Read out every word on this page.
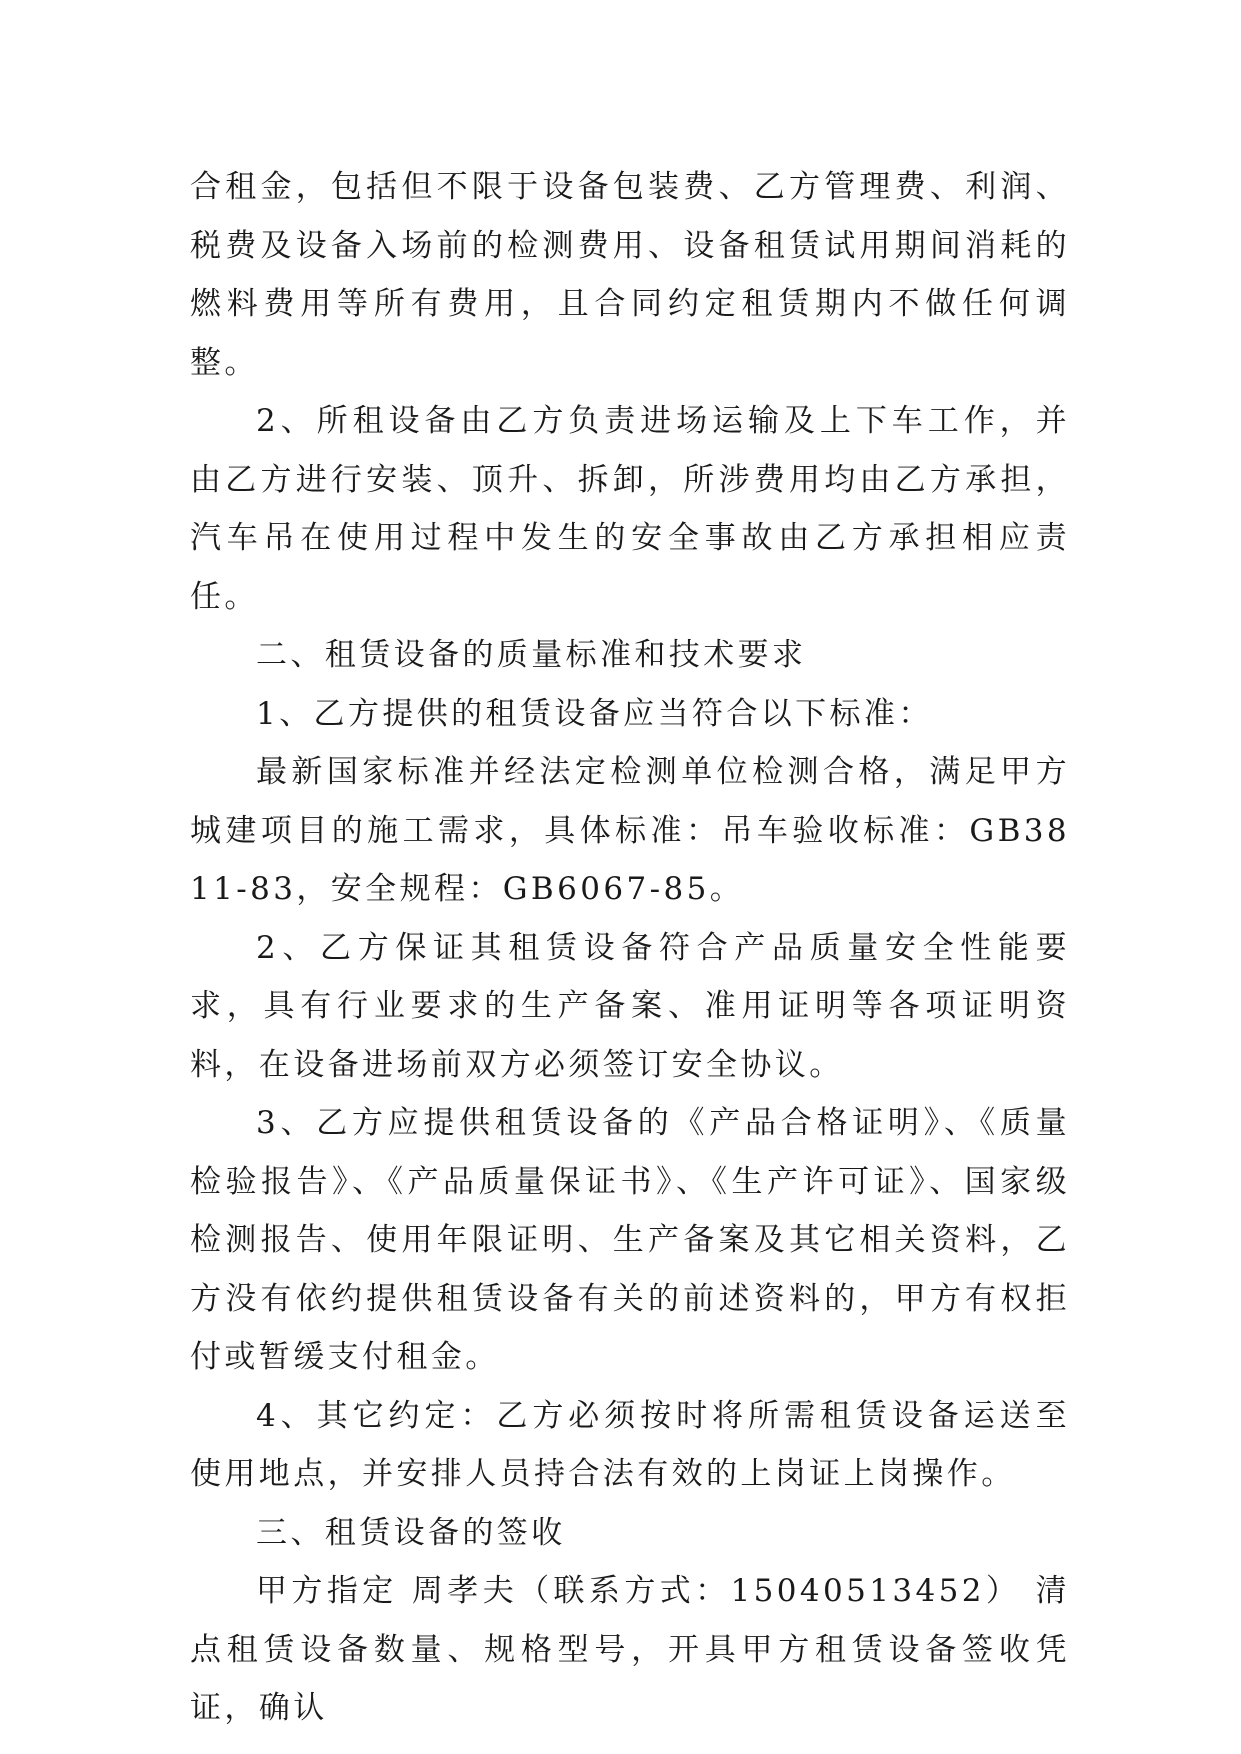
合租金，包括但不限于设备包装费、乙方管理费、利润、税费及设备入场前的检测费用、设备租赁试用期间消耗的燃料费用等所有费用，且合同约定租赁期内不做任何调整。

2、所租设备由乙方负责进场运输及上下车工作，并由乙方进行安装、顶升、拆卸，所涉费用均由乙方承担，汽车吊在使用过程中发生的安全事故由乙方承担相应责任。

二、租赁设备的质量标准和技术要求

1、乙方提供的租赁设备应当符合以下标准：

最新国家标准并经法定检测单位检测合格，满足甲方城建项目的施工需求，具体标准：吊车验收标准：GB3811-83，安全规程：GB6067-85。

2、乙方保证其租赁设备符合产品质量安全性能要求，具有行业要求的生产备案、准用证明等各项证明资料，在设备进场前双方必须签订安全协议。

3、乙方应提供租赁设备的《产品合格证明》、《质量检验报告》、《产品质量保证书》、《生产许可证》、国家级检测报告、使用年限证明、生产备案及其它相关资料，乙方没有依约提供租赁设备有关的前述资料的，甲方有权拒付或暂缓支付租金。

4、其它约定：乙方必须按时将所需租赁设备运送至使用地点，并安排人员持合法有效的上岗证上岗操作。

三、租赁设备的签收

甲方指定 周孝夫（联系方式：15040513452） 清点租赁设备数量、规格型号，开具甲方租赁设备签收凭证，确认
